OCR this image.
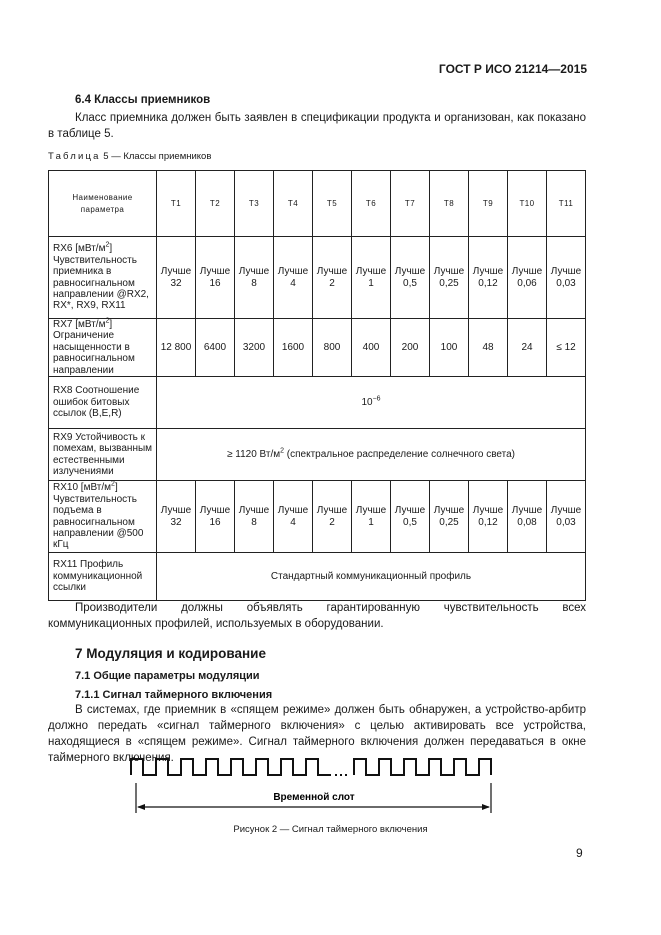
ГОСТ Р ИСО 21214—2015
6.4 Классы приемников
Класс приемника должен быть заявлен в спецификации продукта и организован, как показано в таблице 5.
Таблица 5 — Классы приемников
Наименование параметра	T1	T2	T3	T4	T5	T6	T7	T8	T9	T10	T11
RX6 $[мВт/м^2]$ Чувствительность приемника в равносигнальном направлении @RX2, RX*, RX9, RX11	Лучше 32	Лучше 16	Лучше 8	Лучше 4	Лучше 2	Лучше 1	Лучше 0,5	Лучше 0,25	Лучше 0,12	Лучше 0,06	Лучше 0,03
RX7 $[мВт/м^2]$ Ограничение насыщенности в равносигнальном направлении	12 800	6400	3200	1600	800	400	200	100	48	24	≤ 12
RX8 Соотношение ошибок битовых ссылок (B,E,R)	$10^{-6}$
RX9 Устойчивость к помехам, вызванным естественными излучениями	≥ 1120 $Вт/м^2$ (спектральное распределение солнечного света)										
RX10 $[мВт/м^2]$ Чувствительность подъема в равносигнальном направлении @500 кГц	Лучше 32	Лучше 16	Лучше 8	Лучше 4	Лучше 2	Лучше 1	Лучше 0,5	Лучше 0,25	Лучше 0,12	Лучше 0,08	Лучше 0,03
RX11 Профиль коммуникационной ссылки	Стандартный коммуникационный профиль										
Производители должны объявлять гарантированную чувствительность всех коммуникационных профилей, используемых в оборудовании.
7 Модуляция и кодирование
7.1 Общие параметры модуляции
7.1.1 Сигнал таймерного включения
В системах, где приемник в «спящем режиме» должен быть обнаружен, а устройство-арбитр должно передать «сигнал таймерного включения» с целью активировать все устройства, находящиеся в «спящем режиме». Сигнал таймерного включения должен передаваться в окне таймерного включения.
Временной слот
Рисунок 2 — Сигнал таймерного включения
9
